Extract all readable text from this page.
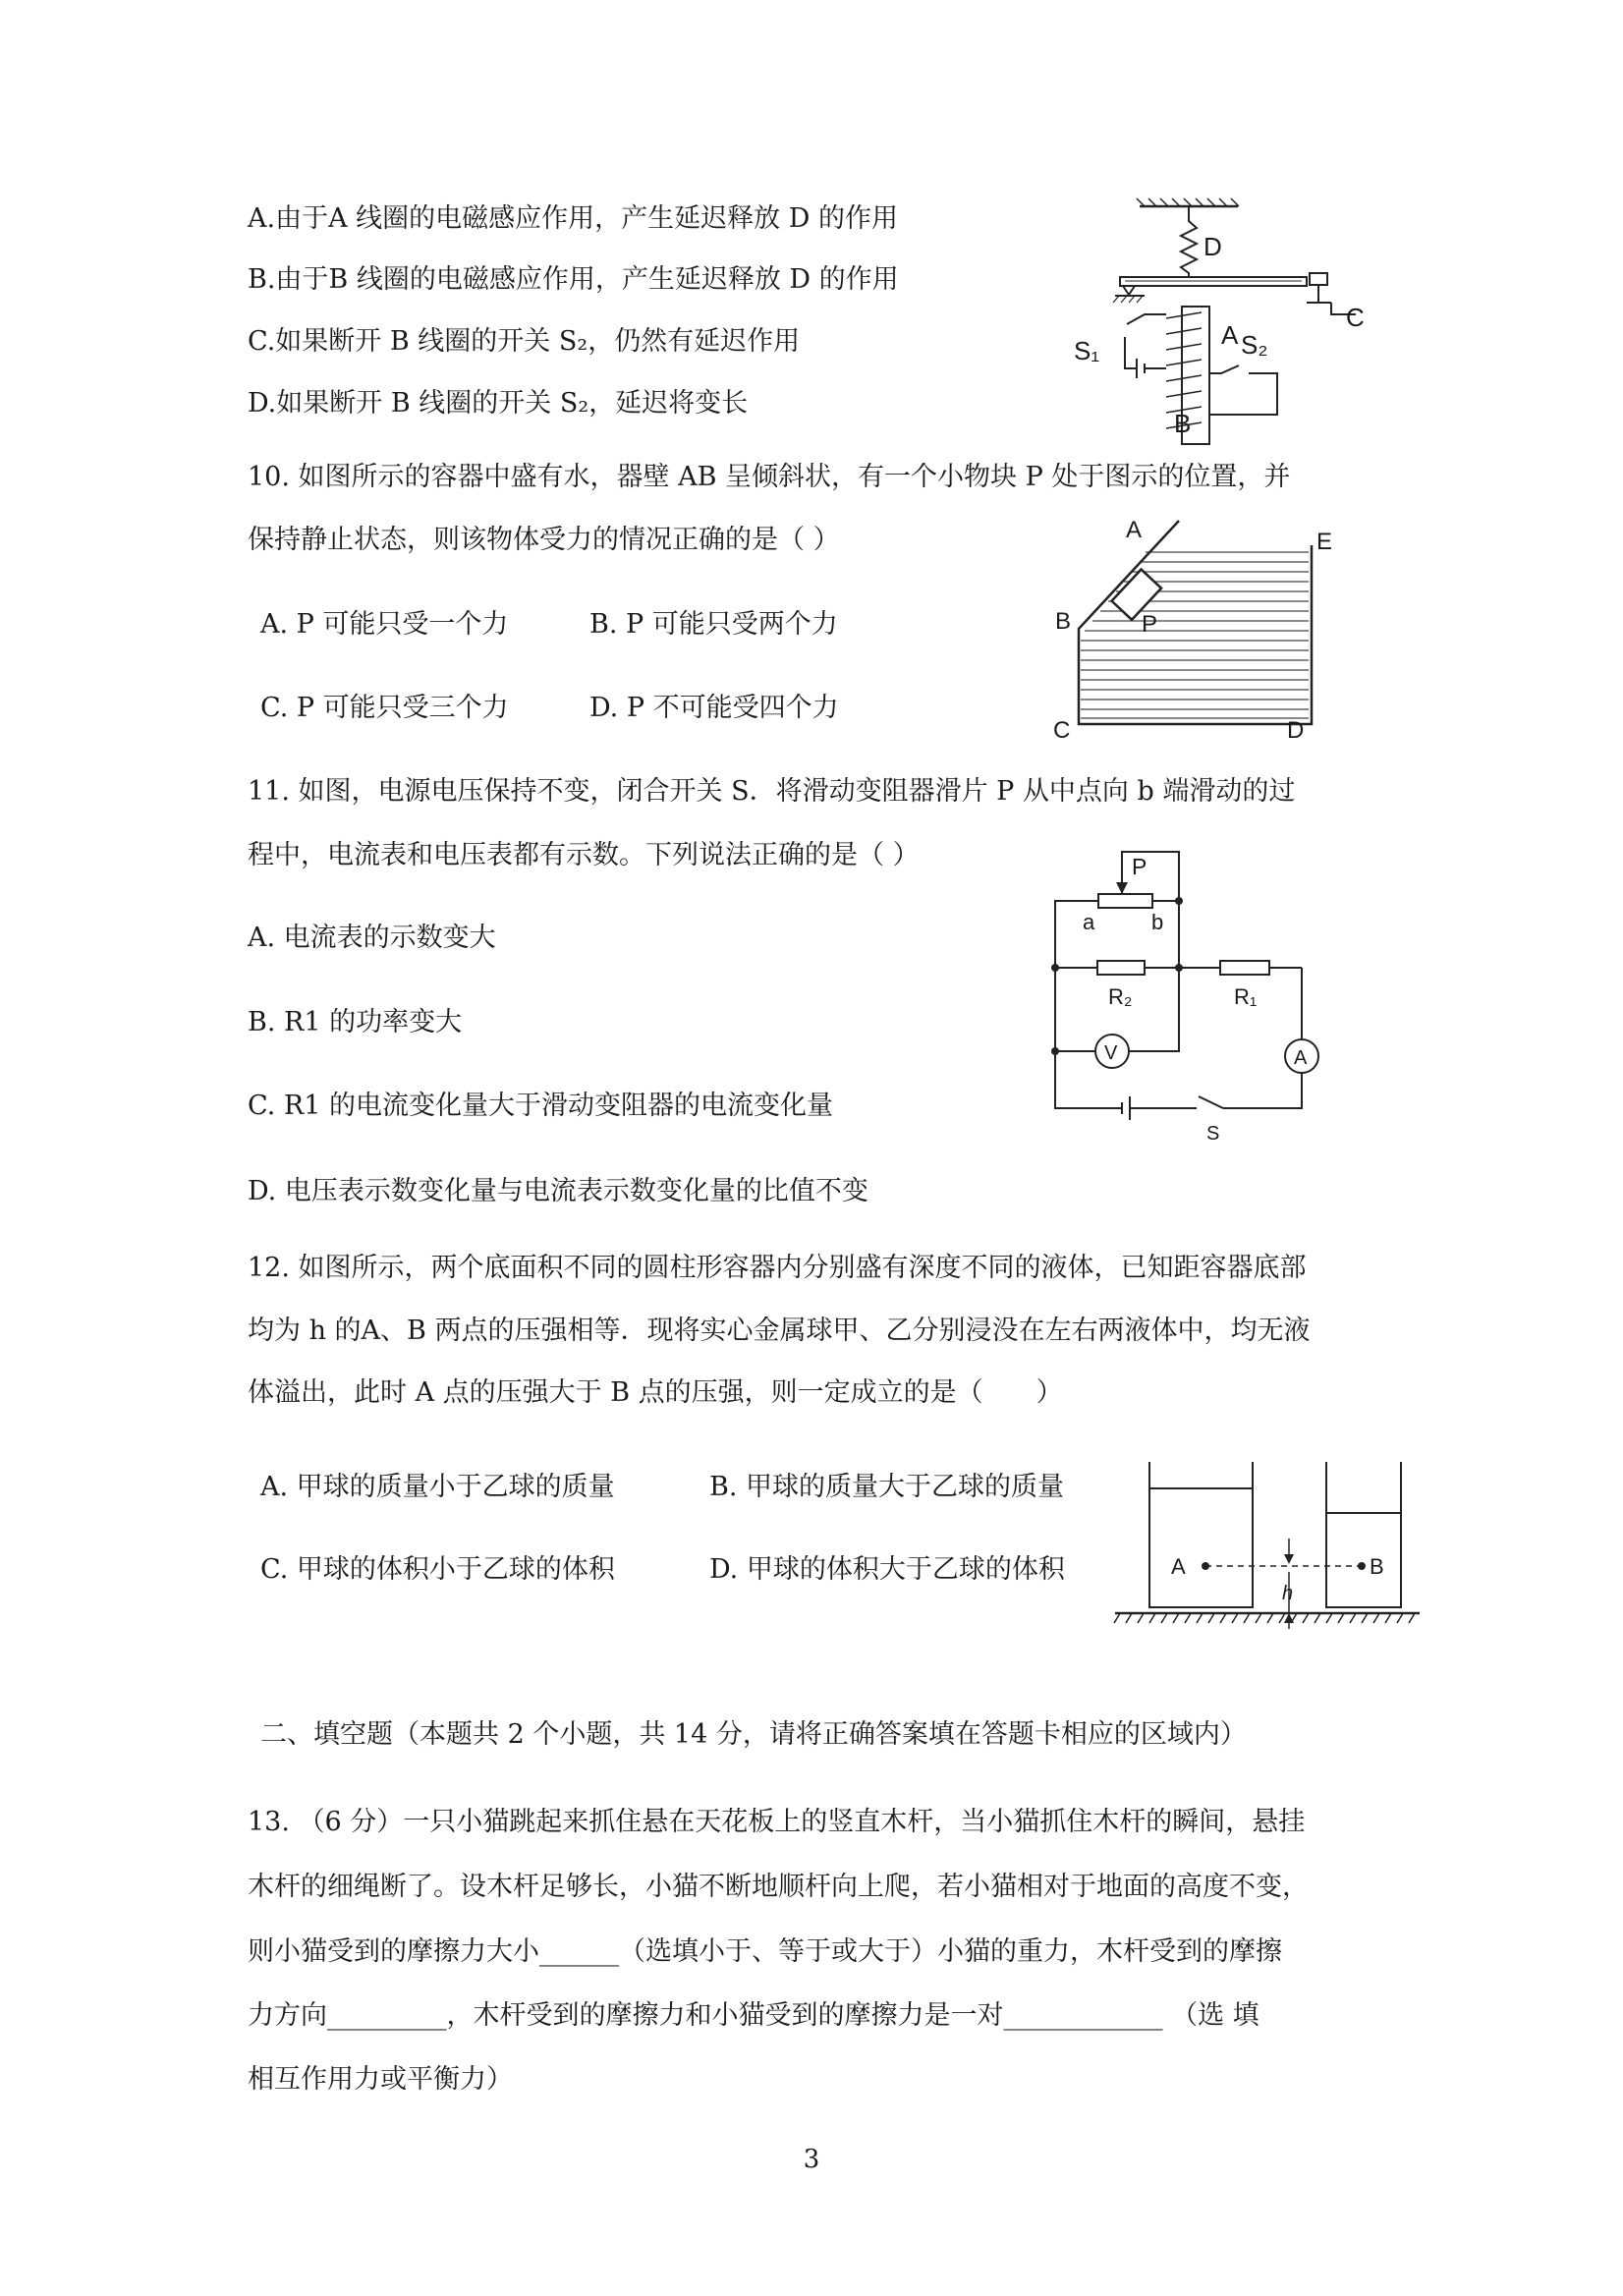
A.由于A 线圈的电磁感应作用，产生延迟释放 D 的作用
B.由于B 线圈的电磁感应作用，产生延迟释放 D 的作用
C.如果断开 B 线圈的开关 S₂，仍然有延迟作用
D.如果断开 B 线圈的开关 S₂，延迟将变长
D
C
A
B
S₁	S₂
10. 如图所示的容器中盛有水，器壁 AB 呈倾斜状，有一个小物块 P 处于图示的位置，并
保持静止状态，则该物体受力的情况正确的是（ ）
A. P 可能只受一个力	B. P 可能只受两个力
C. P 可能只受三个力	D. P 不可能受四个力
A	E
B	P
C	D
11. 如图，电源电压保持不变，闭合开关 S．将滑动变阻器滑片 P 从中点向 b 端滑动的过
程中，电流表和电压表都有示数。下列说法正确的是（ ）
A. 电流表的示数变大
B. R1 的功率变大
C. R1 的电流变化量大于滑动变阻器的电流变化量
D. 电压表示数变化量与电流表示数变化量的比值不变
P
a	b
R₂	R₁
A
S
V
12. 如图所示，两个底面积不同的圆柱形容器内分别盛有深度不同的液体，已知距容器底部
均为 h 的A、B 两点的压强相等．现将实心金属球甲、乙分别浸没在左右两液体中，均无液
体溢出，此时 A 点的压强大于 B 点的压强，则一定成立的是（　　）
A. 甲球的质量小于乙球的质量	B. 甲球的质量大于乙球的质量
C. 甲球的体积小于乙球的体积	D. 甲球的体积大于乙球的体积	A	B
h
二、填空题（本题共 2 个小题，共 14 分，请将正确答案填在答题卡相应的区域内）
13. （6 分）一只小猫跳起来抓住悬在天花板上的竖直木杆，当小猫抓住木杆的瞬间，悬挂
木杆的细绳断了。设木杆足够长，小猫不断地顺杆向上爬，若小猫相对于地面的高度不变，
则小猫受到的摩擦力大小______（选填小于、等于或大于）小猫的重力，木杆受到的摩擦
力方向_________，木杆受到的摩擦力和小猫受到的摩擦力是一对____________ （选 填
相互作用力或平衡力）
3
